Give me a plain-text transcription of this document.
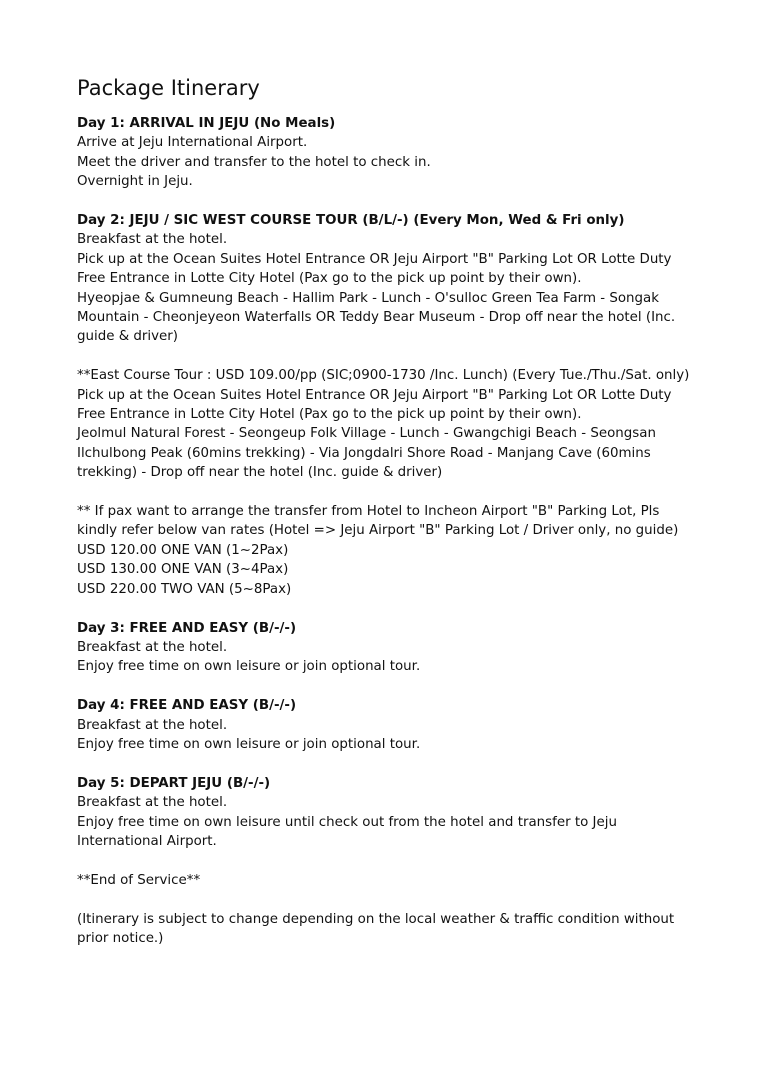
Package Itinerary
Day 1: ARRIVAL IN JEJU (No Meals)
Arrive at Jeju International Airport.
Meet the driver and transfer to the hotel to check in.
Overnight in Jeju.
Day 2: JEJU / SIC WEST COURSE TOUR (B/L/-) (Every Mon, Wed & Fri only)
Breakfast at the hotel.
Pick up at the Ocean Suites Hotel Entrance OR Jeju Airport "B" Parking Lot OR Lotte Duty Free Entrance in Lotte City Hotel (Pax go to the pick up point by their own).
Hyeopjae & Gumneung Beach - Hallim Park - Lunch - O'sulloc Green Tea Farm - Songak Mountain - Cheonjeyeon Waterfalls OR Teddy Bear Museum - Drop off near the hotel (Inc. guide & driver)
**East Course Tour : USD 109.00/pp (SIC;0900-1730 /Inc. Lunch) (Every Tue./Thu./Sat. only)
Pick up at the Ocean Suites Hotel Entrance OR Jeju Airport "B" Parking Lot OR Lotte Duty Free Entrance in Lotte City Hotel (Pax go to the pick up point by their own).
Jeolmul Natural Forest - Seongeup Folk Village - Lunch - Gwangchigi Beach - Seongsan Ilchulbong Peak (60mins trekking) - Via Jongdalri Shore Road - Manjang Cave (60mins trekking) - Drop off near the hotel (Inc. guide & driver)
** If pax want to arrange the transfer from Hotel to Incheon Airport "B" Parking Lot, Pls kindly refer below van rates (Hotel => Jeju Airport "B" Parking Lot / Driver only, no guide)
USD 120.00 ONE VAN (1~2Pax)
USD 130.00 ONE VAN (3~4Pax)
USD 220.00 TWO VAN (5~8Pax)
Day 3: FREE AND EASY (B/-/-)
Breakfast at the hotel.
Enjoy free time on own leisure or join optional tour.
Day 4: FREE AND EASY (B/-/-)
Breakfast at the hotel.
Enjoy free time on own leisure or join optional tour.
Day 5: DEPART JEJU (B/-/-)
Breakfast at the hotel.
Enjoy free time on own leisure until check out from the hotel and transfer to Jeju International Airport.
**End of Service**
(Itinerary is subject to change depending on the local weather & traffic condition without prior notice.)
